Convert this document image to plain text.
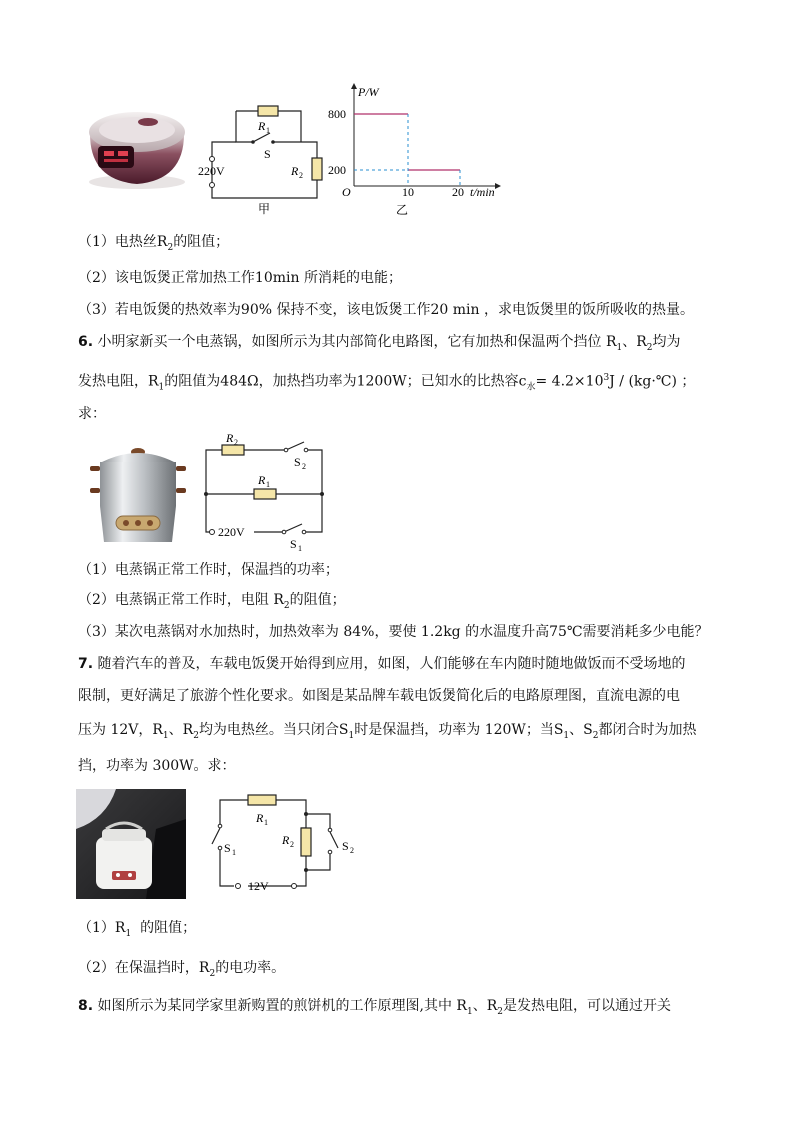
R 1
S
R 2
220V
甲
P/W
800
200
O	10	20 t/min
乙
（1）电热丝$R_2$的阻值；
（2）该电饭煲正常加热工作10min 所消耗的电能；
（3）若电饭煲的热效率为90% 保持不变，该电饭煲工作20 min ，求电饭煲里的饭所吸收的热量。
6. 小明家新买一个电蒸锅，如图所示为其内部简化电路图，它有加热和保温两个挡位 $R_1$、$R_2$均为
发热电阻，$R_1$的阻值为484Ω，加热挡功率为1200W；已知水的比热容$c_水= 4.2\times 10^3J$ / (kg·℃) ；
求：
R 2
S 2
R 1
220V
S 1
（1）电蒸锅正常工作时，保温挡的功率；
（2）电蒸锅正常工作时，电阻 $R_2$的阻值；
（3）某次电蒸锅对水加热时，加热效率为 84%，要使 1.2kg 的水温度升高75℃需要消耗多少电能？
7. 随着汽车的普及，车载电饭煲开始得到应用，如图，人们能够在车内随时随地做饭而不受场地的
限制，更好满足了旅游个性化要求。如图是某品牌车载电饭煲简化后的电路原理图，直流电源的电
压为 12V，$R_1$、$R_2$均为电热丝。当只闭合$S_1$时是保温挡，功率为 120W；当$S_1$、$S_2$都闭合时为加热
挡，功率为 300W。求：
R 1
R 2
S 1	S 2
12V
$(1)R_1$ 的阻值；
（2）在保温挡时，$R_2$的电功率。
8. 如图所示为某同学家里新购置的煎饼机的工作原理图,其中 $R_1$、$R_2$是发热电阻，可以通过开关
